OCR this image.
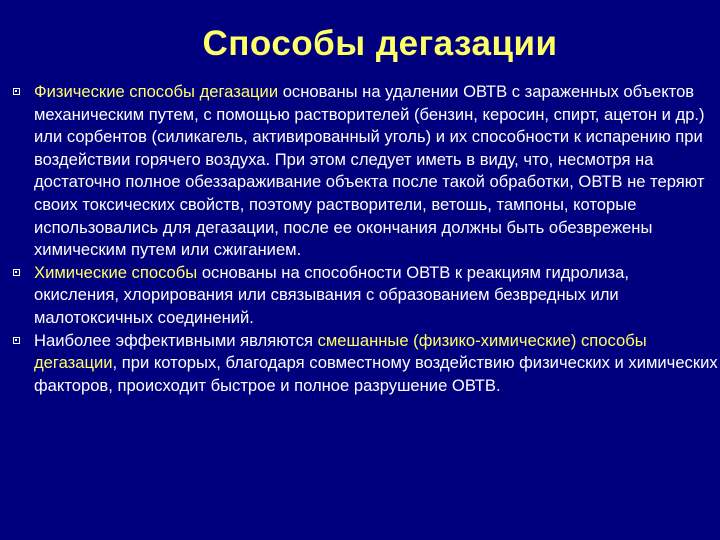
Способы дегазации
Физические способы дегазации основаны на удалении ОВТВ с зараженных объектов механическим путем, с помощью растворителей (бензин, керосин, спирт, ацетон и др.) или сорбентов (силикагель, активированный уголь) и их способности к испарению при воздействии горячего воздуха. При этом следует иметь в виду, что, несмотря на достаточно полное обеззараживание объекта после такой обработки, ОВТВ не теряют своих токсических свойств, поэтому растворители, ветошь, тампоны, которые использовались для дегазации, после ее окончания должны быть обезврежены химическим путем или сжиганием.
Химические способы основаны на способности ОВТВ к реакциям гидролиза, окисления, хлорирования или связывания с образованием безвредных или малотоксичных соединений.
Наиболее эффективными являются смешанные (физико-химические) способы дегазации, при которых, благодаря совместному воздействию физических и химических факторов, происходит быстрое и полное разрушение ОВТВ.
